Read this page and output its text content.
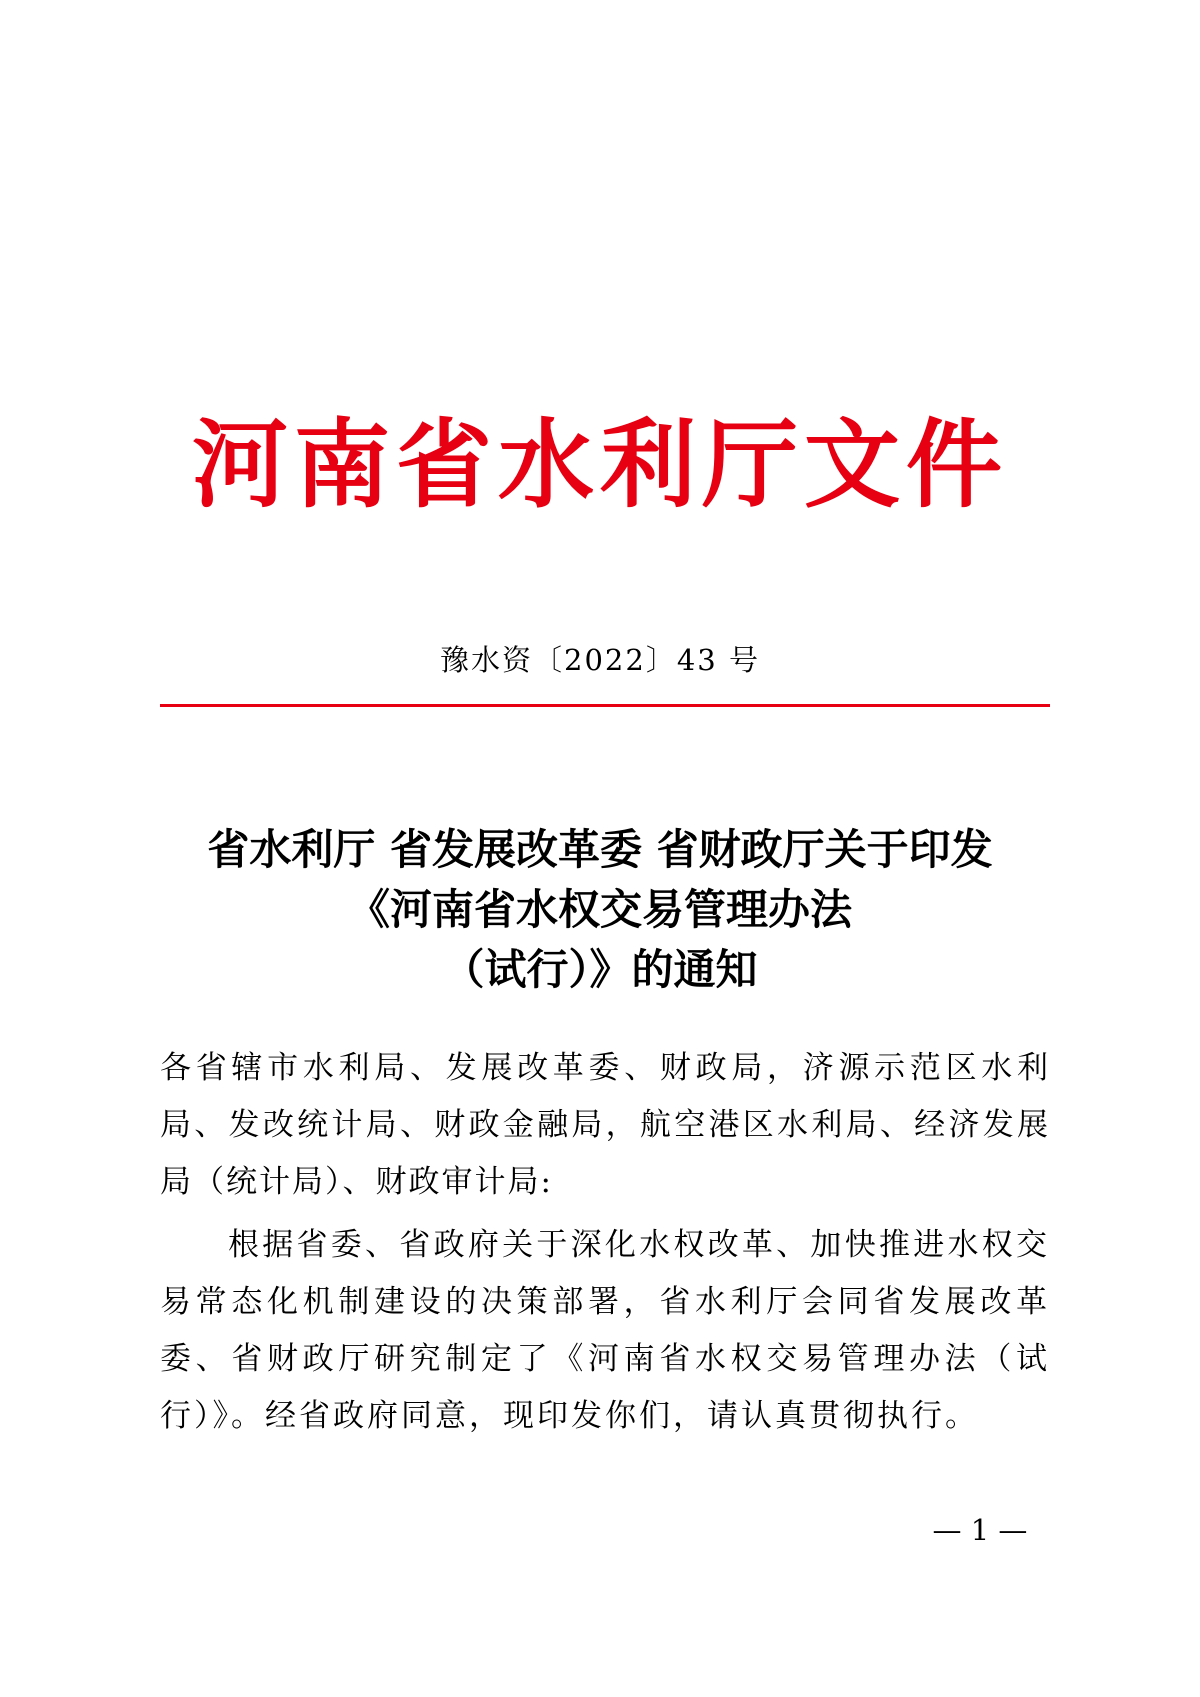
河南省水利厅文件
豫水资〔2022〕43 号
省水利厅 省发展改革委 省财政厅关于印发
《河南省水权交易管理办法
（试行）》的通知
各省辖市水利局、发展改革委、财政局，济源示范区水利局、发改统计局、财政金融局，航空港区水利局、经济发展局（统计局）、财政审计局:
根据省委、省政府关于深化水权改革、加快推进水权交易常态化机制建设的决策部署，省水利厅会同省发展改革委、省财政厅研究制定了《河南省水权交易管理办法（试行）》。经省政府同意，现印发你们，请认真贯彻执行。
— 1 —
